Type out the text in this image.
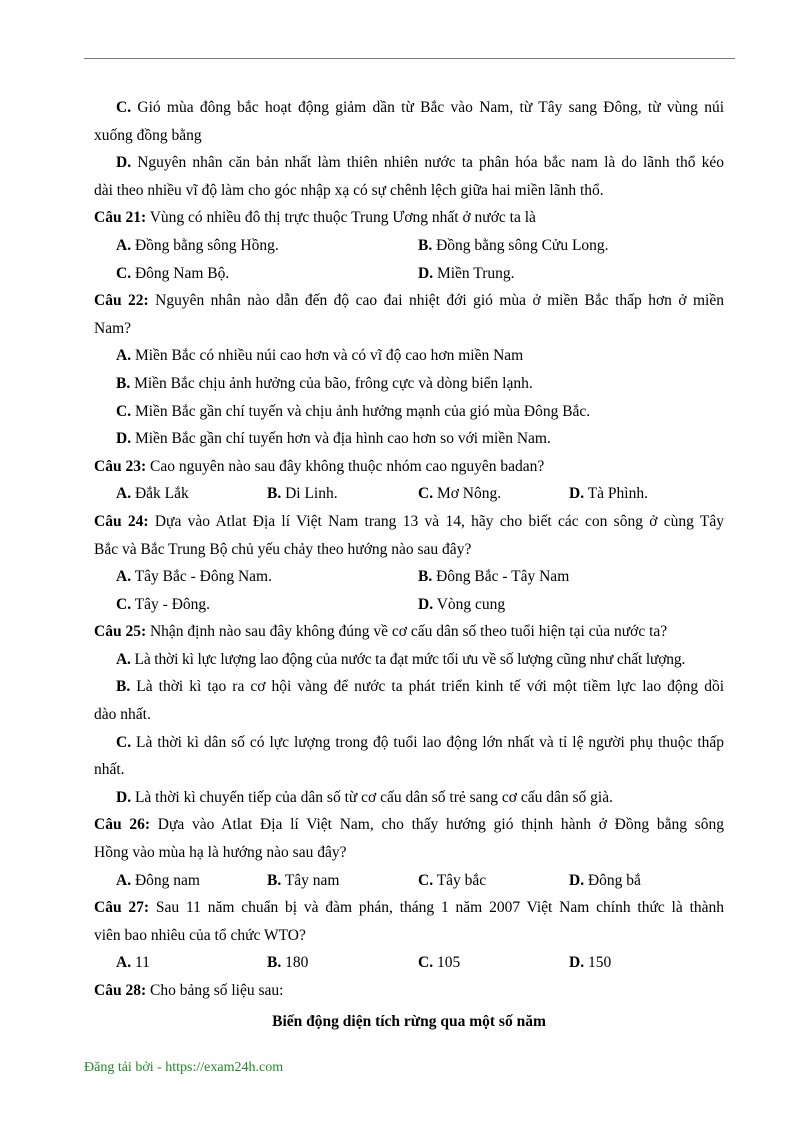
C. Gió mùa đông bắc hoạt động giảm dần từ Bắc vào Nam, từ Tây sang Đông, từ vùng núi
xuống đồng bằng
D. Nguyên nhân căn bản nhất làm thiên nhiên nước ta phân hóa bắc nam là do lãnh thổ kéo
dài theo nhiều vĩ độ làm cho góc nhập xạ có sự chênh lệch giữa hai miền lãnh thổ.
Câu 21: Vùng có nhiều đô thị trực thuộc Trung Ương nhất ở nước ta là
A. Đồng bằng sông Hồng.	B. Đồng bằng sông Cửu Long.
C. Đông Nam Bộ.	D. Miền Trung.
Câu 22: Nguyên nhân nào dẫn đến độ cao đai nhiệt đới gió mùa ở miền Bắc thấp hơn ở miền
Nam?
A. Miền Bắc có nhiều núi cao hơn và có vĩ độ cao hơn miền Nam
B. Miền Bắc chịu ảnh hưởng của bão, frông cực và dòng biển lạnh.
C. Miền Bắc gần chí tuyến và chịu ảnh hưởng mạnh của gió mùa Đông Bắc.
D. Miền Bắc gần chí tuyến hơn và địa hình cao hơn so với miền Nam.
Câu 23: Cao nguyên nào sau đây không thuộc nhóm cao nguyên badan?
A. Đắk Lắk	B. Di Linh.	C. Mơ Nông.	D. Tà Phình.
Câu 24: Dựa vào Atlat Địa lí Việt Nam trang 13 và 14, hãy cho biết các con sông ở cùng Tây
Bắc và Bắc Trung Bộ chủ yếu chảy theo hướng nào sau đây?
A. Tây Bắc - Đông Nam.	B. Đông Bắc - Tây Nam
C. Tây - Đông.	D. Vòng cung
Câu 25: Nhận định nào sau đây không đúng về cơ cấu dân số theo tuổi hiện tại của nước ta?
A. Là thời kì lực lượng lao động của nước ta đạt mức tối ưu về số lượng cũng như chất lượng.
B. Là thời kì tạo ra cơ hội vàng để nước ta phát triển kinh tế với một tiềm lực lao động dồi
dào nhất.
C. Là thời kì dân số có lực lượng trong độ tuổi lao động lớn nhất và tỉ lệ người phụ thuộc thấp
nhất.
D. Là thời kì chuyển tiếp của dân số từ cơ cấu dân số trẻ sang cơ cấu dân số già.
Câu 26: Dựa vào Atlat Địa lí Việt Nam, cho thấy hướng gió thịnh hành ở Đồng bằng sông
Hồng vào mùa hạ là hướng nào sau đây?
A. Đông nam	B. Tây nam	C. Tây bắc	D. Đông bắ
Câu 27: Sau 11 năm chuẩn bị và đàm phán, tháng 1 năm 2007 Việt Nam chính thức là thành
viên bao nhiêu của tổ chức WTO?
A. 11	B. 180	C. 105	D. 150
Câu 28: Cho bảng số liệu sau:
Biến động diện tích rừng qua một số năm
Đăng tải bởi - https://exam24h.com
